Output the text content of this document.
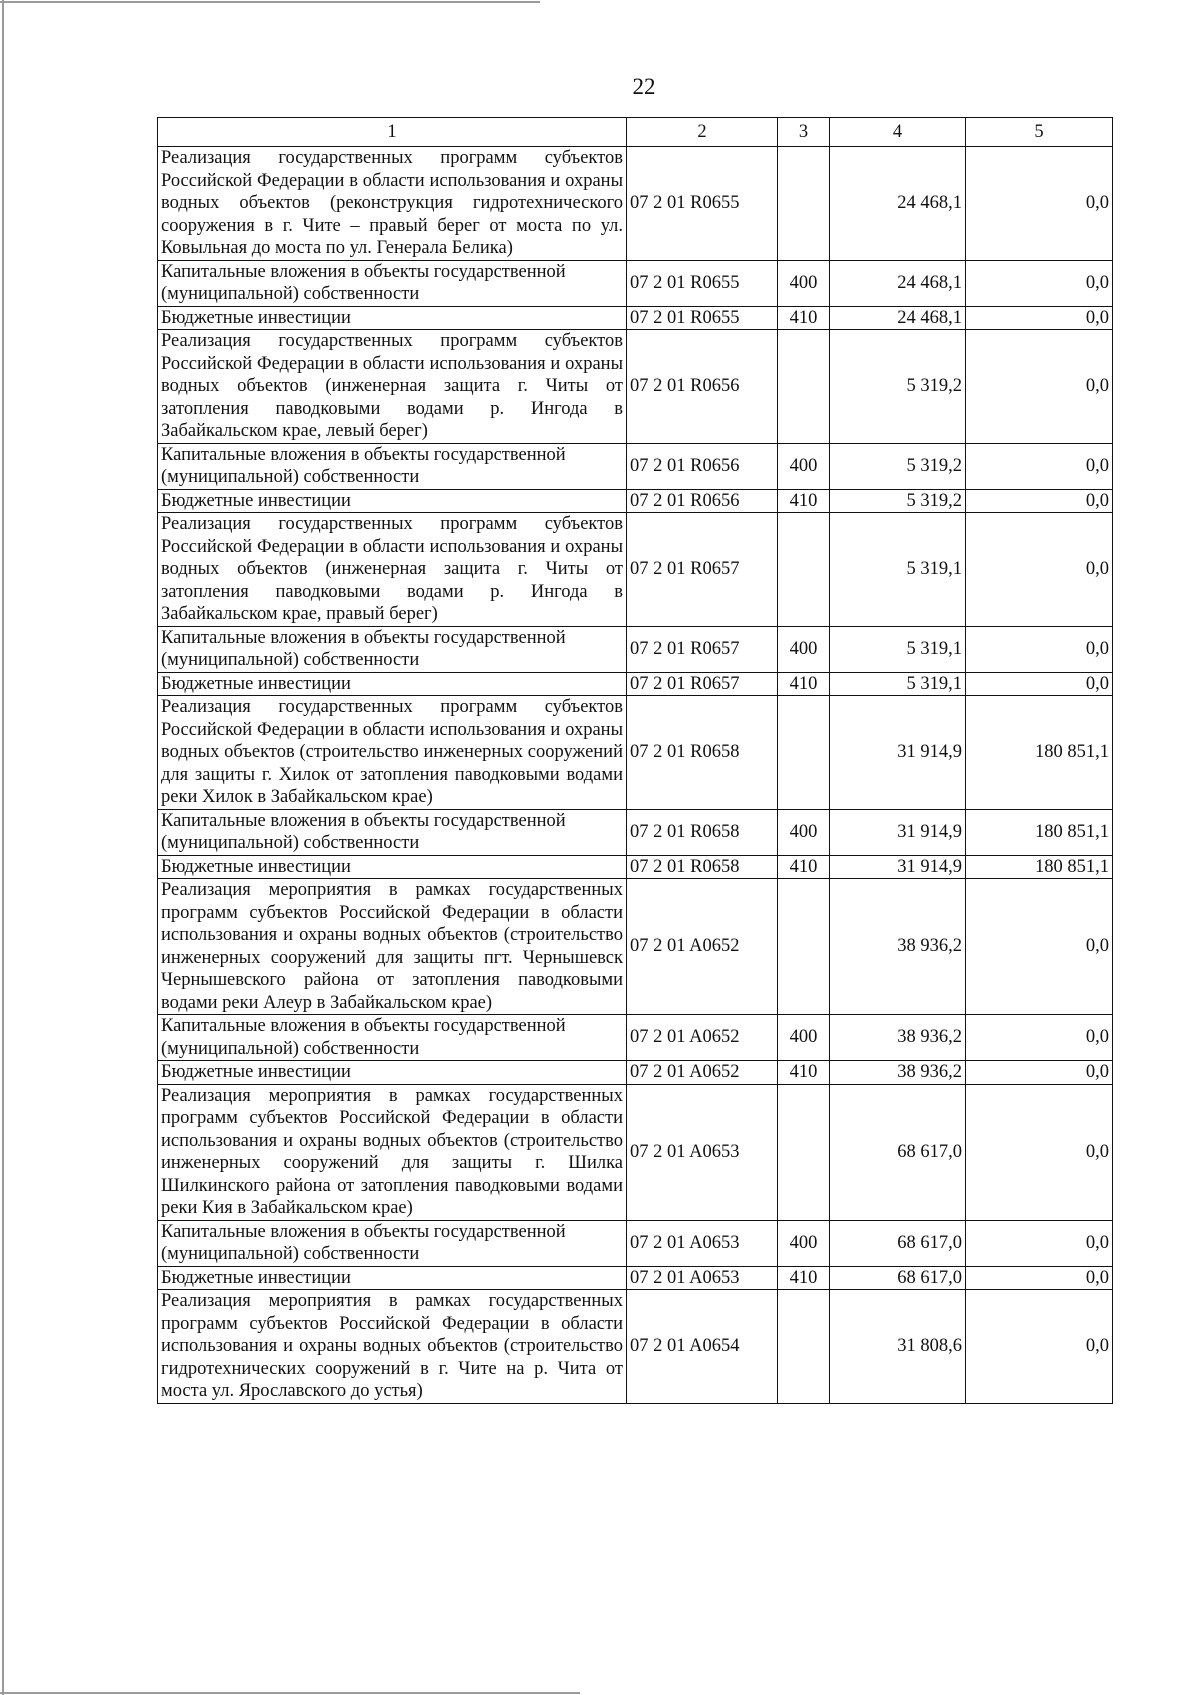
22
1	2	3	4	5
Реализация государственных программ субъектов Российской Федерации в области использования и охраны водных объектов (реконструкция гидротехнического сооружения в г. Чите – правый берег от моста по ул. Ковыльная до моста по ул. Генерала Белика)	07 2 01 R0655		24 468,1	0,0
Капитальные вложения в объекты государственной (муниципальной) собственности	07 2 01 R0655	400	24 468,1	0,0
Бюджетные инвестиции	07 2 01 R0655	410	24 468,1	0,0
Реализация государственных программ субъектов Российской Федерации в области использования и охраны водных объектов (инженерная защита г. Читы от затопления паводковыми водами р. Ингода в Забайкальском крае, левый берег)	07 2 01 R0656		5 319,2	0,0
Капитальные вложения в объекты государственной (муниципальной) собственности	07 2 01 R0656	400	5 319,2	0,0
Бюджетные инвестиции	07 2 01 R0656	410	5 319,2	0,0
Реализация государственных программ субъектов Российской Федерации в области использования и охраны водных объектов (инженерная защита г. Читы от затопления паводковыми водами р. Ингода в Забайкальском крае, правый берег)	07 2 01 R0657		5 319,1	0,0
Капитальные вложения в объекты государственной (муниципальной) собственности	07 2 01 R0657	400	5 319,1	0,0
Бюджетные инвестиции	07 2 01 R0657	410	5 319,1	0,0
Реализация государственных программ субъектов Российской Федерации в области использования и охраны водных объектов (строительство инженерных сооружений для защиты г. Хилок от затопления паводковыми водами реки Хилок в Забайкальском крае)	07 2 01 R0658		31 914,9	180 851,1
Капитальные вложения в объекты государственной (муниципальной) собственности	07 2 01 R0658	400	31 914,9	180 851,1
Бюджетные инвестиции	07 2 01 R0658	410	31 914,9	180 851,1
Реализация мероприятия в рамках государственных программ субъектов Российской Федерации в области использования и охраны водных объектов (строительство инженерных сооружений для защиты пгт. Чернышевск Чернышевского района от затопления паводковыми водами реки Алеур в Забайкальском крае)	07 2 01 A0652		38 936,2	0,0
Капитальные вложения в объекты государственной (муниципальной) собственности	07 2 01 A0652	400	38 936,2	0,0
Бюджетные инвестиции	07 2 01 A0652	410	38 936,2	0,0
Реализация мероприятия в рамках государственных программ субъектов Российской Федерации в области использования и охраны водных объектов (строительство инженерных сооружений для защиты г. Шилка Шилкинского района от затопления паводковыми водами реки Кия в Забайкальском крае)	07 2 01 A0653		68 617,0	0,0
Капитальные вложения в объекты государственной (муниципальной) собственности	07 2 01 A0653	400	68 617,0	0,0
Бюджетные инвестиции	07 2 01 A0653	410	68 617,0	0,0
Реализация мероприятия в рамках государственных программ субъектов Российской Федерации в области использования и охраны водных объектов (строительство гидротехнических сооружений в г. Чите на р. Чита от моста ул. Ярославского до устья)	07 2 01 A0654		31 808,6	0,0
